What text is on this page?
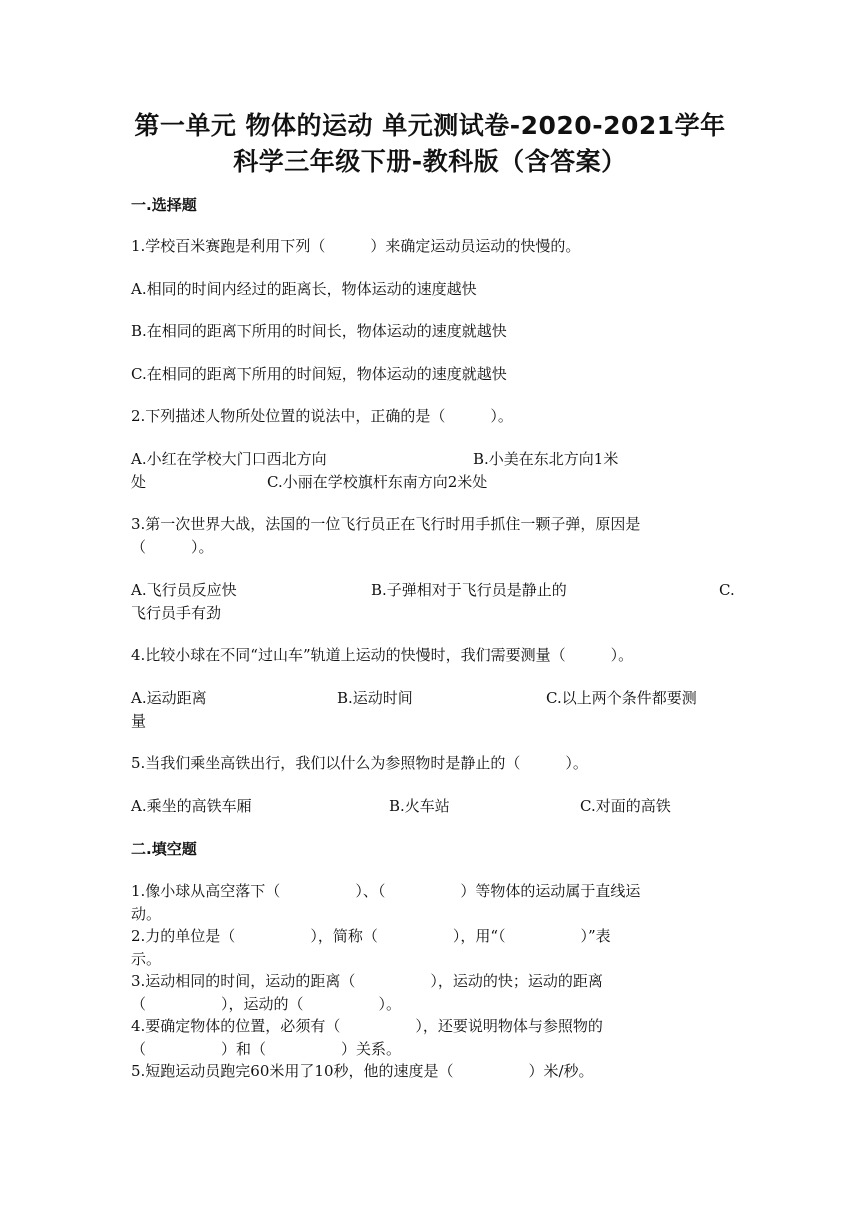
第一单元 物体的运动 单元测试卷-2020-2021学年
科学三年级下册-教科版（含答案）
一.选择题
1.学校百米赛跑是利用下列（　　　）来确定运动员运动的快慢的。
A.相同的时间内经过的距离长，物体运动的速度越快
B.在相同的距离下所用的时间长，物体运动的速度就越快
C.在相同的距离下所用的时间短，物体运动的速度就越快
2.下列描述人物所处位置的说法中，正确的是（　　　）。
A.小红在学校大门口西北方向	B.小美在东北方向1米
处	C.小丽在学校旗杆东南方向2米处
3.第一次世界大战，法国的一位飞行员正在飞行时用手抓住一颗子弹，原因是
（　　　）。
A.飞行员反应快	B.子弹相对于飞行员是静止的	C.
飞行员手有劲
4.比较小球在不同“过山车”轨道上运动的快慢时，我们需要测量（　　　）。
A.运动距离	B.运动时间	C.以上两个条件都要测
量
5.当我们乘坐高铁出行，我们以什么为参照物时是静止的（　　　）。
A.乘坐的高铁车厢	B.火车站	C.对面的高铁
二.填空题
1.像小球从高空落下（　　　　　）、（　　　　　）等物体的运动属于直线运
动。
2.力的单位是（　　　　　），简称（　　　　　），用“（　　　　　）”表
示。
3.运动相同的时间，运动的距离（　　　　　），运动的快；运动的距离
（　　　　　），运动的（　　　　　）。
4.要确定物体的位置，必须有（　　　　　），还要说明物体与参照物的
（　　　　　）和（　　　　　）关系。
5.短跑运动员跑完60米用了10秒，他的速度是（　　　　　）米/秒。
